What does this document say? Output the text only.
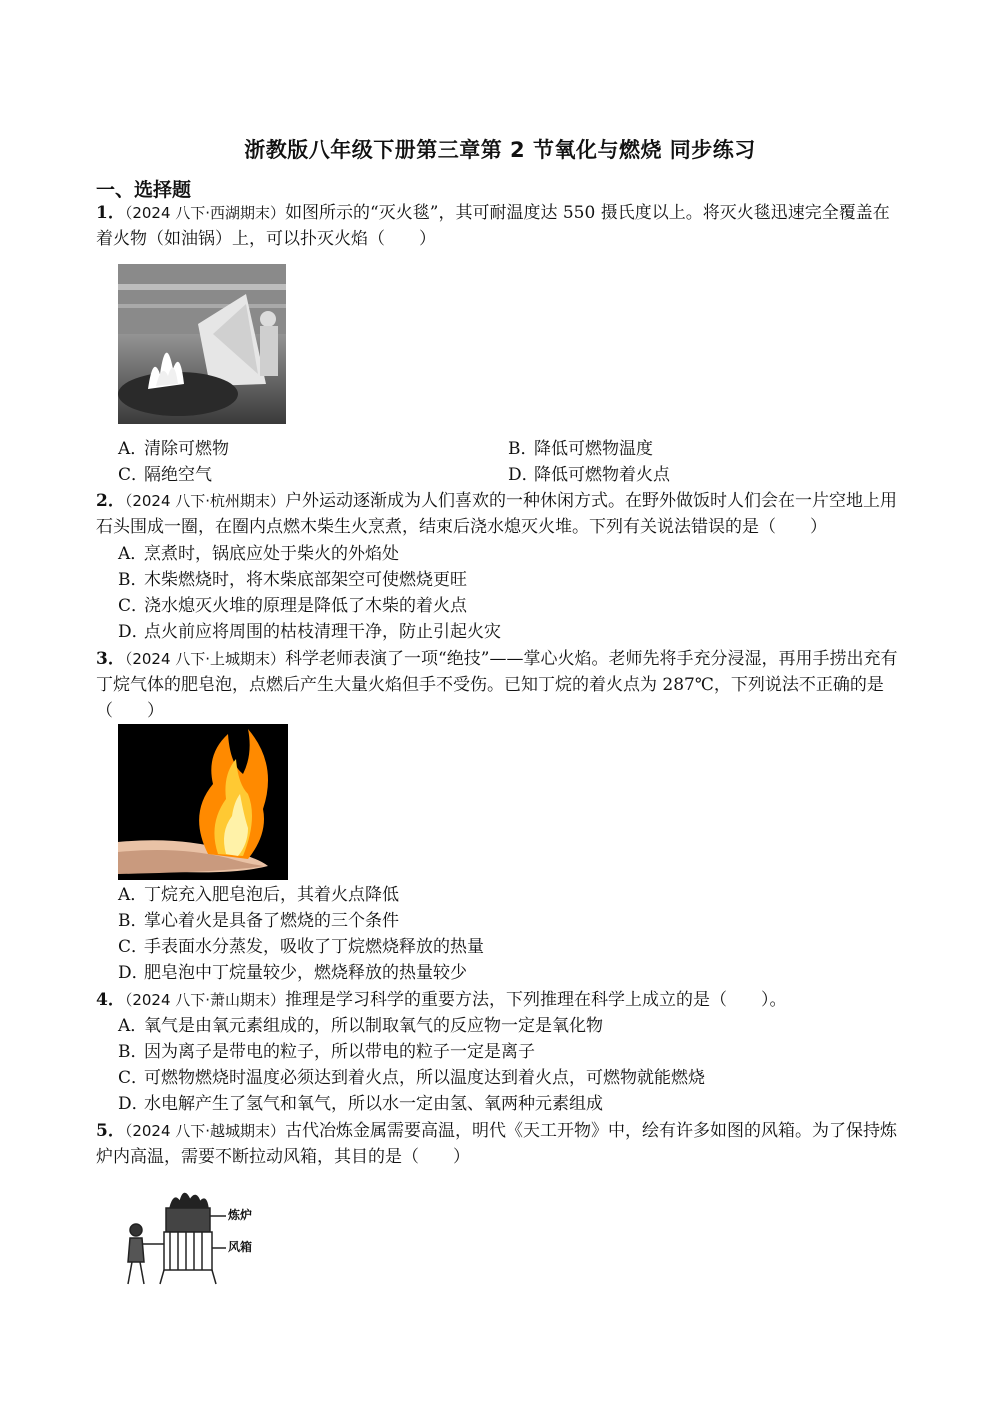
浙教版八年级下册第三章第 2 节氧化与燃烧 同步练习
一、选择题
1．（2024 八下·西湖期末）如图所示的“灭火毯”，其可耐温度达 550 摄氏度以上。将灭火毯迅速完全覆盖在着火物（如油锅）上，可以扑灭火焰（　　）
A．清除可燃物	B．降低可燃物温度
C．隔绝空气	D．降低可燃物着火点
2．（2024 八下·杭州期末）户外运动逐渐成为人们喜欢的一种休闲方式。在野外做饭时人们会在一片空地上用石头围成一圈，在圈内点燃木柴生火烹煮，结束后浇水熄灭火堆。下列有关说法错误的是（　　）
A．烹煮时，锅底应处于柴火的外焰处
B．木柴燃烧时，将木柴底部架空可使燃烧更旺
C．浇水熄灭火堆的原理是降低了木柴的着火点
D．点火前应将周围的枯枝清理干净，防止引起火灾
3．（2024 八下·上城期末）科学老师表演了一项“绝技”——掌心火焰。老师先将手充分浸湿，再用手捞出充有丁烷气体的肥皂泡，点燃后产生大量火焰但手不受伤。已知丁烷的着火点为 287℃，下列说法不正确的是（　　）
A．丁烷充入肥皂泡后，其着火点降低
B．掌心着火是具备了燃烧的三个条件
C．手表面水分蒸发，吸收了丁烷燃烧释放的热量
D．肥皂泡中丁烷量较少，燃烧释放的热量较少
4．（2024 八下·萧山期末）推理是学习科学的重要方法，下列推理在科学上成立的是（　　）。
A．氧气是由氧元素组成的，所以制取氧气的反应物一定是氧化物
B．因为离子是带电的粒子，所以带电的粒子一定是离子
C．可燃物燃烧时温度必须达到着火点，所以温度达到着火点，可燃物就能燃烧
D．水电解产生了氢气和氧气，所以水一定由氢、氧两种元素组成
5．（2024 八下·越城期末）古代冶炼金属需要高温，明代《天工开物》中，绘有许多如图的风箱。为了保持炼炉内高温，需要不断拉动风箱，其目的是（　　）
炼炉
风箱
